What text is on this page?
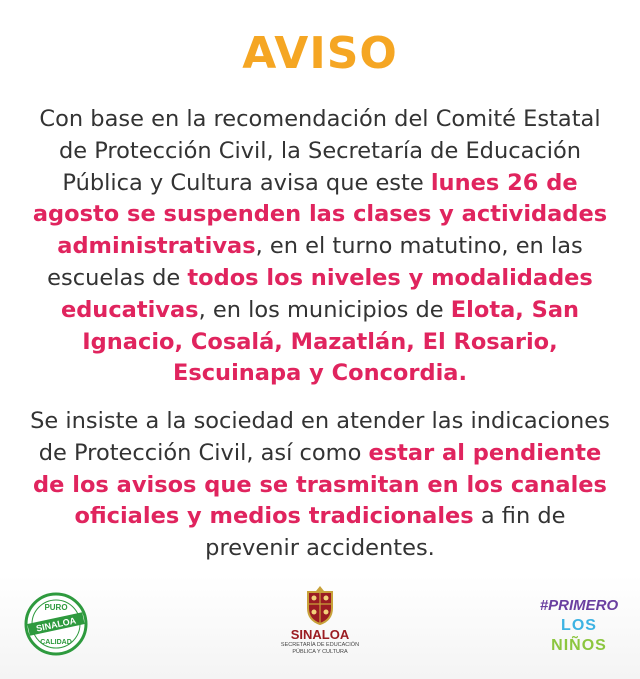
AVISO
Con base en la recomendación del Comité Estatal de Protección Civil, la Secretaría de Educación Pública y Cultura avisa que este lunes 26 de agosto se suspenden las clases y actividades administrativas, en el turno matutino, en las escuelas de todos los niveles y modalidades educativas, en los municipios de Elota, San Ignacio, Cosalá, Mazatlán, El Rosario, Escuinapa y Concordia.
Se insiste a la sociedad en atender las indicaciones de Protección Civil, así como estar al pendiente de los avisos que se trasmitan en los canales oficiales y medios tradicionales a fin de prevenir accidentes.
PURO
SINALOA
CALIDAD
SINALOA
SECRETARÍA DE EDUCACIÓN
PÚBLICA Y CULTURA
#PRIMERO
LOS
NIÑOS
